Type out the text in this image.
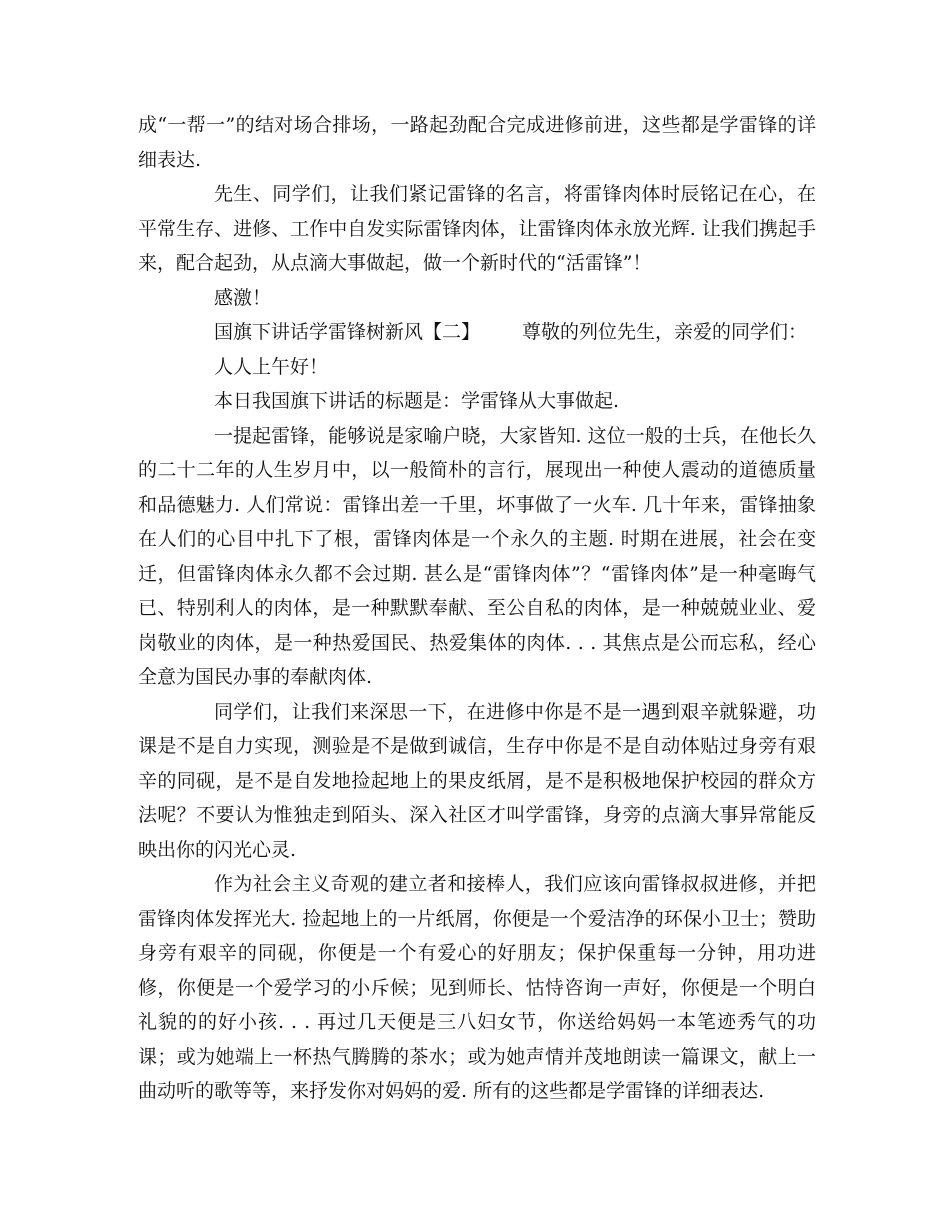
成“一帮一”的结对场合排场，一路起劲配合完成进修前进，这些都是学雷锋的详细表达.

先生、同学们，让我们紧记雷锋的名言，将雷锋肉体时辰铭记在心，在平常生存、进修、工作中自发实际雷锋肉体，让雷锋肉体永放光辉. 让我们携起手来，配合起劲，从点滴大事做起，做一个新时代的“活雷锋”！

感激！

国旗下讲话学雷锋树新风【二】 尊敬的列位先生，亲爱的同学们：

人人上午好！

本日我国旗下讲话的标题是：学雷锋从大事做起.

一提起雷锋，能够说是家喻户晓，大家皆知. 这位一般的士兵，在他长久的二十二年的人生岁月中，以一般简朴的言行，展现出一种使人震动的道德质量和品德魅力. 人们常说：雷锋出差一千里，坏事做了一火车. 几十年来，雷锋抽象在人们的心目中扎下了根，雷锋肉体是一个永久的主题. 时期在进展，社会在变迁，但雷锋肉体永久都不会过期. 甚么是“雷锋肉体”？“雷锋肉体”是一种毫晦气已、特别利人的肉体，是一种默默奉献、至公自私的肉体，是一种兢兢业业、爱岗敬业的肉体，是一种热爱国民、热爱集体的肉体. . . 其焦点是公而忘私，经心全意为国民办事的奉献肉体.

同学们，让我们来深思一下，在进修中你是不是一遇到艰辛就躲避，功课是不是自力实现，测验是不是做到诚信，生存中你是不是自动体贴过身旁有艰辛的同砚，是不是自发地捡起地上的果皮纸屑，是不是积极地保护校园的群众方法呢？不要认为惟独走到陌头、深入社区才叫学雷锋，身旁的点滴大事异常能反映出你的闪光心灵.

作为社会主义奇观的建立者和接棒人，我们应该向雷锋叔叔进修，并把雷锋肉体发挥光大. 捡起地上的一片纸屑，你便是一个爱洁净的环保小卫士；赞助身旁有艰辛的同砚，你便是一个有爱心的好朋友；保护保重每一分钟，用功进修，你便是一个爱学习的小斥候；见到师长、怙恃咨询一声好，你便是一个明白礼貌的的好小孩. . . 再过几天便是三八妇女节，你送给妈妈一本笔迹秀气的功课；或为她端上一杯热气腾腾的茶水；或为她声情并茂地朗读一篇课文，献上一曲动听的歌等等，来抒发你对妈妈的爱. 所有的这些都是学雷锋的详细表达.
